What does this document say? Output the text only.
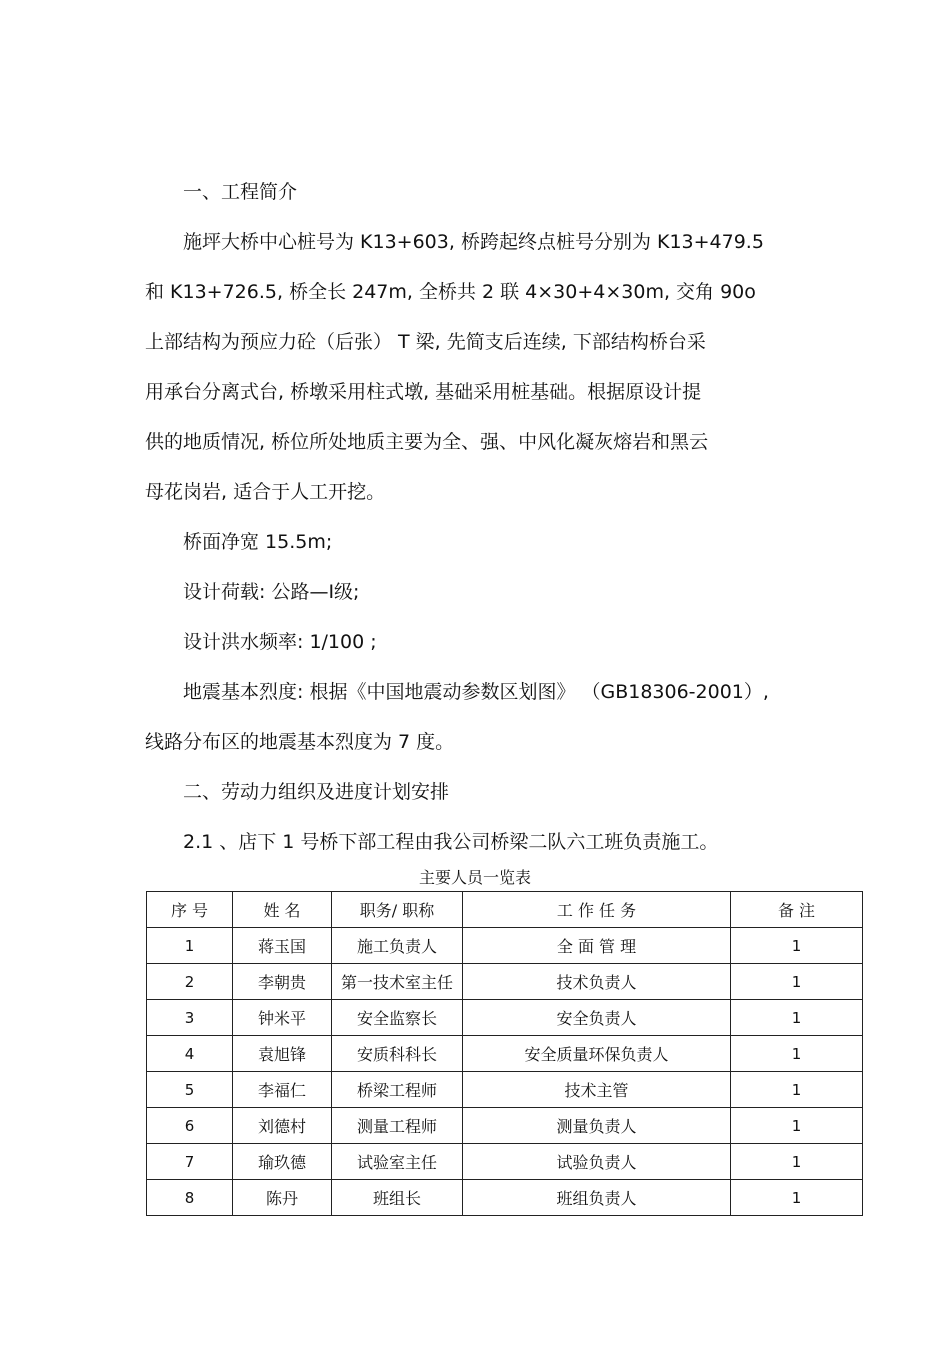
一、工程简介
施坪大桥中心桩号为 K13+603, 桥跨起终点桩号分别为 K13+479.5
和 K13+726.5, 桥全长 247m, 全桥共 2 联 4×30+4×30m, 交角 90o
上部结构为预应力砼（后张） T 梁, 先简支后连续, 下部结构桥台采
用承台分离式台, 桥墩采用柱式墩, 基础采用桩基础。根据原设计提
供的地质情况, 桥位所处地质主要为全、强、中风化凝灰熔岩和黑云
母花岗岩, 适合于人工开挖。
桥面净宽 15.5m;
设计荷载: 公路—Ⅰ级;
设计洪水频率: 1/100 ;
地震基本烈度: 根据《中国地震动参数区划图》 （GB18306-2001）,
线路分布区的地震基本烈度为 7 度。
二、劳动力组织及进度计划安排
2.1 、店下 1 号桥下部工程由我公司桥梁二队六工班负责施工。
主要人员一览表
序 号	姓 名	职务/ 职称	工 作 任 务	备 注
1	蒋玉国	施工负责人	全 面 管 理	1
2	李朝贵	第一技术室主任	技术负责人	1
3	钟米平	安全监察长	安全负责人	1
4	袁旭锋	安质科科长	安全质量环保负责人	1
5	李福仁	桥梁工程师	技术主管	1
6	刘德村	测量工程师	测量负责人	1
7	瑜玖德	试验室主任	试验负责人	1
8	陈丹	班组长	班组负责人	1
